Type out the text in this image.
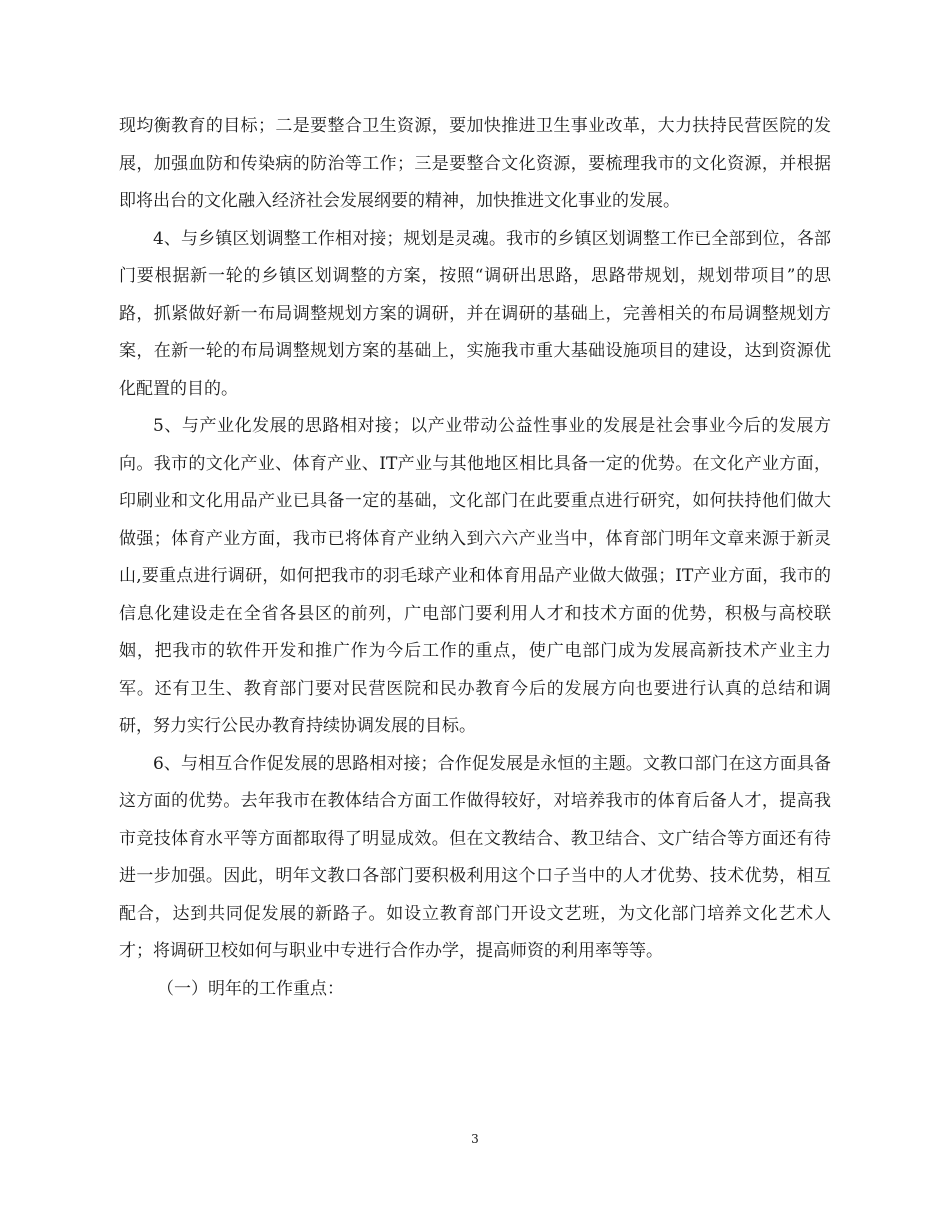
现均衡教育的目标；二是要整合卫生资源，要加快推进卫生事业改革，大力扶持民营医院的发展，加强血防和传染病的防治等工作；三是要整合文化资源，要梳理我市的文化资源，并根据即将出台的文化融入经济社会发展纲要的精神，加快推进文化事业的发展。

4、与乡镇区划调整工作相对接；规划是灵魂。我市的乡镇区划调整工作已全部到位，各部门要根据新一轮的乡镇区划调整的方案，按照“调研出思路，思路带规划，规划带项目”的思路，抓紧做好新一布局调整规划方案的调研，并在调研的基础上，完善相关的布局调整规划方案，在新一轮的布局调整规划方案的基础上，实施我市重大基础设施项目的建设，达到资源优化配置的目的。

5、与产业化发展的思路相对接；以产业带动公益性事业的发展是社会事业今后的发展方向。我市的文化产业、体育产业、IT产业与其他地区相比具备一定的优势。在文化产业方面，印刷业和文化用品产业已具备一定的基础，文化部门在此要重点进行研究，如何扶持他们做大做强；体育产业方面，我市已将体育产业纳入到六六产业当中，体育部门明年文章来源于新灵山,要重点进行调研，如何把我市的羽毛球产业和体育用品产业做大做强；IT产业方面，我市的信息化建设走在全省各县区的前列，广电部门要利用人才和技术方面的优势，积极与高校联姻，把我市的软件开发和推广作为今后工作的重点，使广电部门成为发展高新技术产业主力军。还有卫生、教育部门要对民营医院和民办教育今后的发展方向也要进行认真的总结和调研，努力实行公民办教育持续协调发展的目标。

6、与相互合作促发展的思路相对接；合作促发展是永恒的主题。文教口部门在这方面具备这方面的优势。去年我市在教体结合方面工作做得较好，对培养我市的体育后备人才，提高我市竞技体育水平等方面都取得了明显成效。但在文教结合、教卫结合、文广结合等方面还有待进一步加强。因此，明年文教口各部门要积极利用这个口子当中的人才优势、技术优势，相互配合，达到共同促发展的新路子。如设立教育部门开设文艺班，为文化部门培养文化艺术人才；将调研卫校如何与职业中专进行合作办学，提高师资的利用率等等。

（一）明年的工作重点：

3
